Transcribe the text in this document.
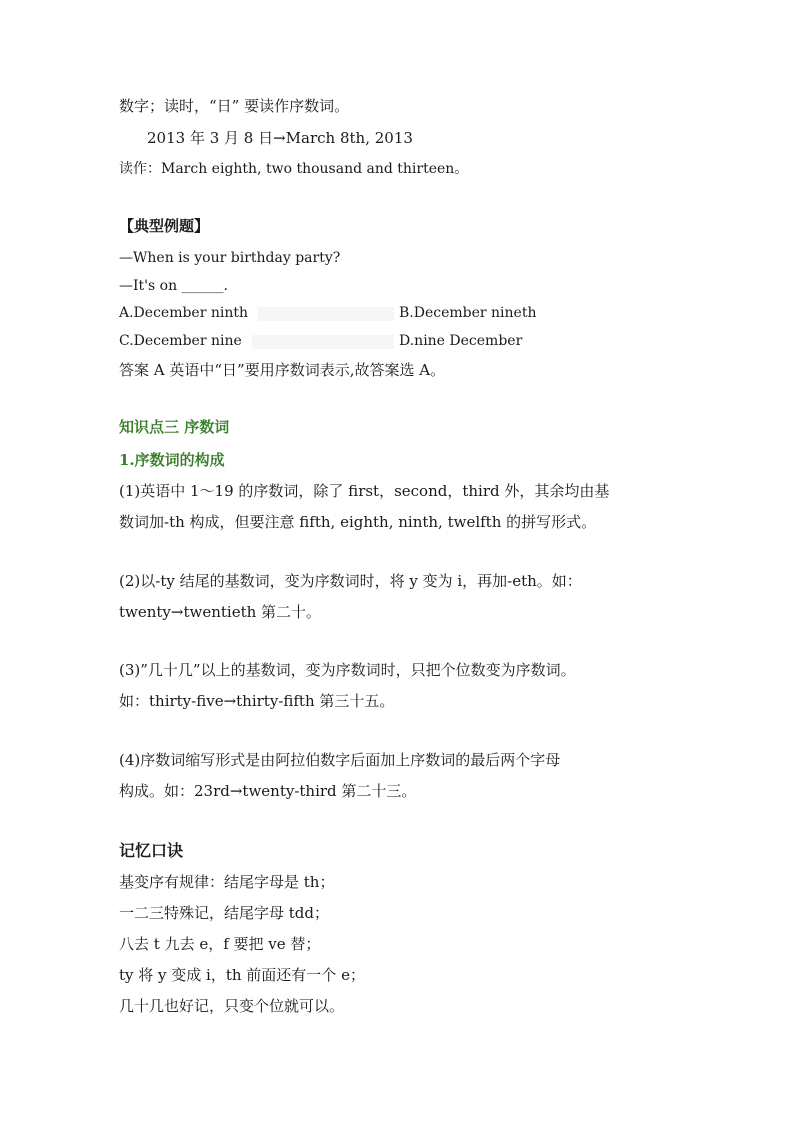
数字；读时，“日” 要读作序数词。
2013 年 3 月 8 日→March 8th, 2013
读作：March eighth, two thousand and thirteen。
【典型例题】
—When is your birthday party?
—It's on ______.
A.December ninth	B.December nineth
C.December nine	D.nine December
答案 A 英语中“日”要用序数词表示,故答案选 A。
知识点三 序数词
1.序数词的构成
(1)英语中 1～19 的序数词，除了 first，second，third 外，其余均由基
数词加-th 构成，但要注意 fifth, eighth, ninth, twelfth 的拼写形式。
(2)以-ty 结尾的基数词，变为序数词时，将 y 变为 i，再加-eth。如：
twenty→twentieth 第二十。
(3)”几十几”以上的基数词，变为序数词时，只把个位数变为序数词。
如：thirty-five→thirty-fifth 第三十五。
(4)序数词缩写形式是由阿拉伯数字后面加上序数词的最后两个字母
构成。如：23rd→twenty-third 第二十三。
记忆口诀
基变序有规律：结尾字母是 th；
一二三特殊记，结尾字母 tdd；
八去 t 九去 e，f 要把 ve 替；
ty 将 y 变成 i，th 前面还有一个 e；
几十几也好记，只变个位就可以。
